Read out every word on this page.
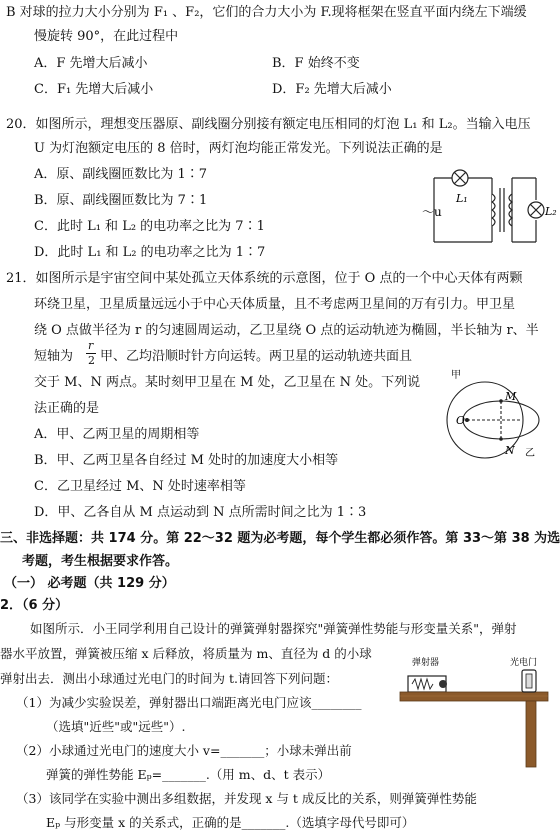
B 对球的拉力大小分别为 F₁ 、F₂，它们的合力大小为 F.现将框架在竖直平面内绕左下端缓
慢旋转 90°，在此过程中
A．F 先增大后减小	B．F 始终不变
C．F₁ 先增大后减小	D．F₂ 先增大后减小
20．如图所示，理想变压器原、副线圈分别接有额定电压相同的灯泡 L₁ 和 L₂。当输入电压
U 为灯泡额定电压的 8 倍时，两灯泡均能正常发光。下列说法正确的是
A．原、副线圈匝数比为 1∶7
B．原、副线圈匝数比为 7∶1
C．此时 L₁ 和 L₂ 的电功率之比为 7∶1
D．此时 L₁ 和 L₂ 的电功率之比为 1∶7
～u
L₁
L₂
21．如图所示是宇宙空间中某处孤立天体系统的示意图，位于 O 点的一个中心天体有两颗
环绕卫星，卫星质量远远小于中心天体质量，且不考虑两卫星间的万有引力。甲卫星
绕 O 点做半径为 r 的匀速圆周运动，乙卫星绕 O 点的运动轨迹为椭圆，半长轴为 r、半
短轴为
r
2 甲、乙均沿顺时针方向运转。两卫星的运动轨迹共面且
交于 M、N 两点。某时刻甲卫星在 M 处，乙卫星在 N 处。下列说
法正确的是
A．甲、乙两卫星的周期相等
B．甲、乙两卫星各自经过 M 处时的加速度大小相等
C．乙卫星经过 M、N 处时速率相等
D．甲、乙各自从 M 点运动到 N 点所需时间之比为 1∶3
甲
M
O
N 乙
三、非选择题：共 174 分。第 22～32 题为必考题，每个学生都必须作答。第 33～第 38 为选
考题，考生根据要求作答。
（一） 必考题（共 129 分）
2．（6 分）
如图所示．小王同学利用自己设计的弹簧弹射器探究"弹簧弹性势能与形变量关系"，弹射
器水平放置，弹簧被压缩 x 后释放，将质量为 m、直径为 d 的小球
弹射出去．测出小球通过光电门的时间为 t.请回答下列问题：
（1）为减少实验误差，弹射器出口端距离光电门应该________
（选填"近些"或"远些"）.
（2）小球通过光电门的速度大小 v=_______；小球未弹出前
弹簧的弹性势能 Eₚ=_______.（用 m、d、t 表示）
（3）该同学在实验中测出多组数据，并发现 x 与 t 成反比的关系，则弹簧弹性势能
Eₚ 与形变量 x 的关系式，正确的是_______.（选填字母代号即可）
弹射器	光电门
